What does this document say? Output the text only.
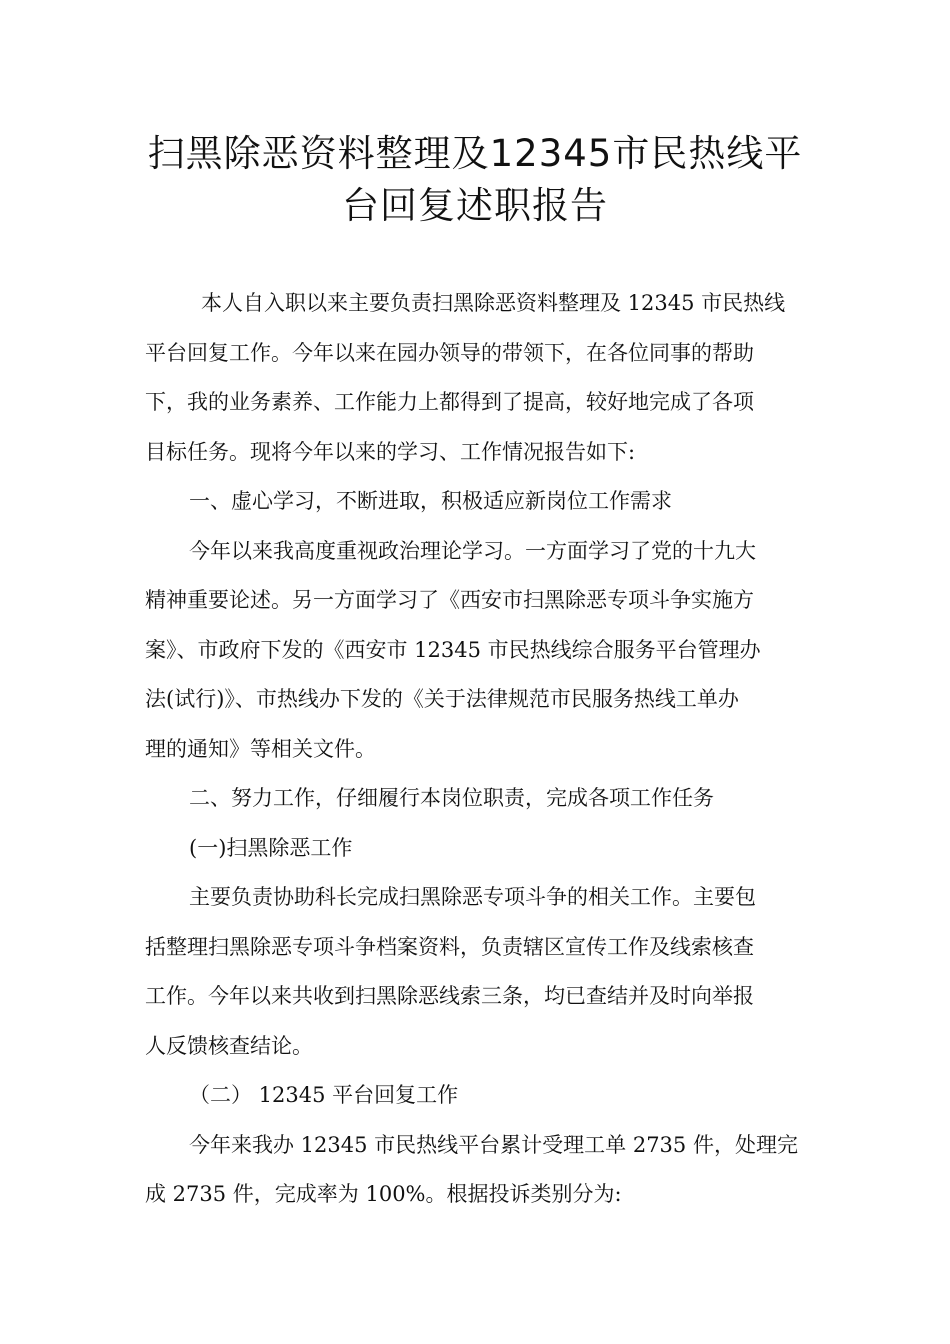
扫黑除恶资料整理及12345市民热线平
台回复述职报告
本人自入职以来主要负责扫黑除恶资料整理及 12345 市民热线
平台回复工作。今年以来在园办领导的带领下，在各位同事的帮助
下，我的业务素养、工作能力上都得到了提高，较好地完成了各项
目标任务。现将今年以来的学习、工作情况报告如下:
一、虚心学习，不断进取，积极适应新岗位工作需求
今年以来我高度重视政治理论学习。一方面学习了党的十九大
精神重要论述。另一方面学习了《西安市扫黑除恶专项斗争实施方
案》、市政府下发的《西安市 12345 市民热线综合服务平台管理办
法(试行)》、市热线办下发的《关于法律规范市民服务热线工单办
理的通知》等相关文件。
二、努力工作，仔细履行本岗位职责，完成各项工作任务
(一)扫黑除恶工作
主要负责协助科长完成扫黑除恶专项斗争的相关工作。主要包
括整理扫黑除恶专项斗争档案资料，负责辖区宣传工作及线索核查
工作。今年以来共收到扫黑除恶线索三条，均已查结并及时向举报
人反馈核查结论。
（二） 12345 平台回复工作
今年来我办 12345 市民热线平台累计受理工单 2735 件，处理完
成 2735 件，完成率为 100%。根据投诉类别分为:
